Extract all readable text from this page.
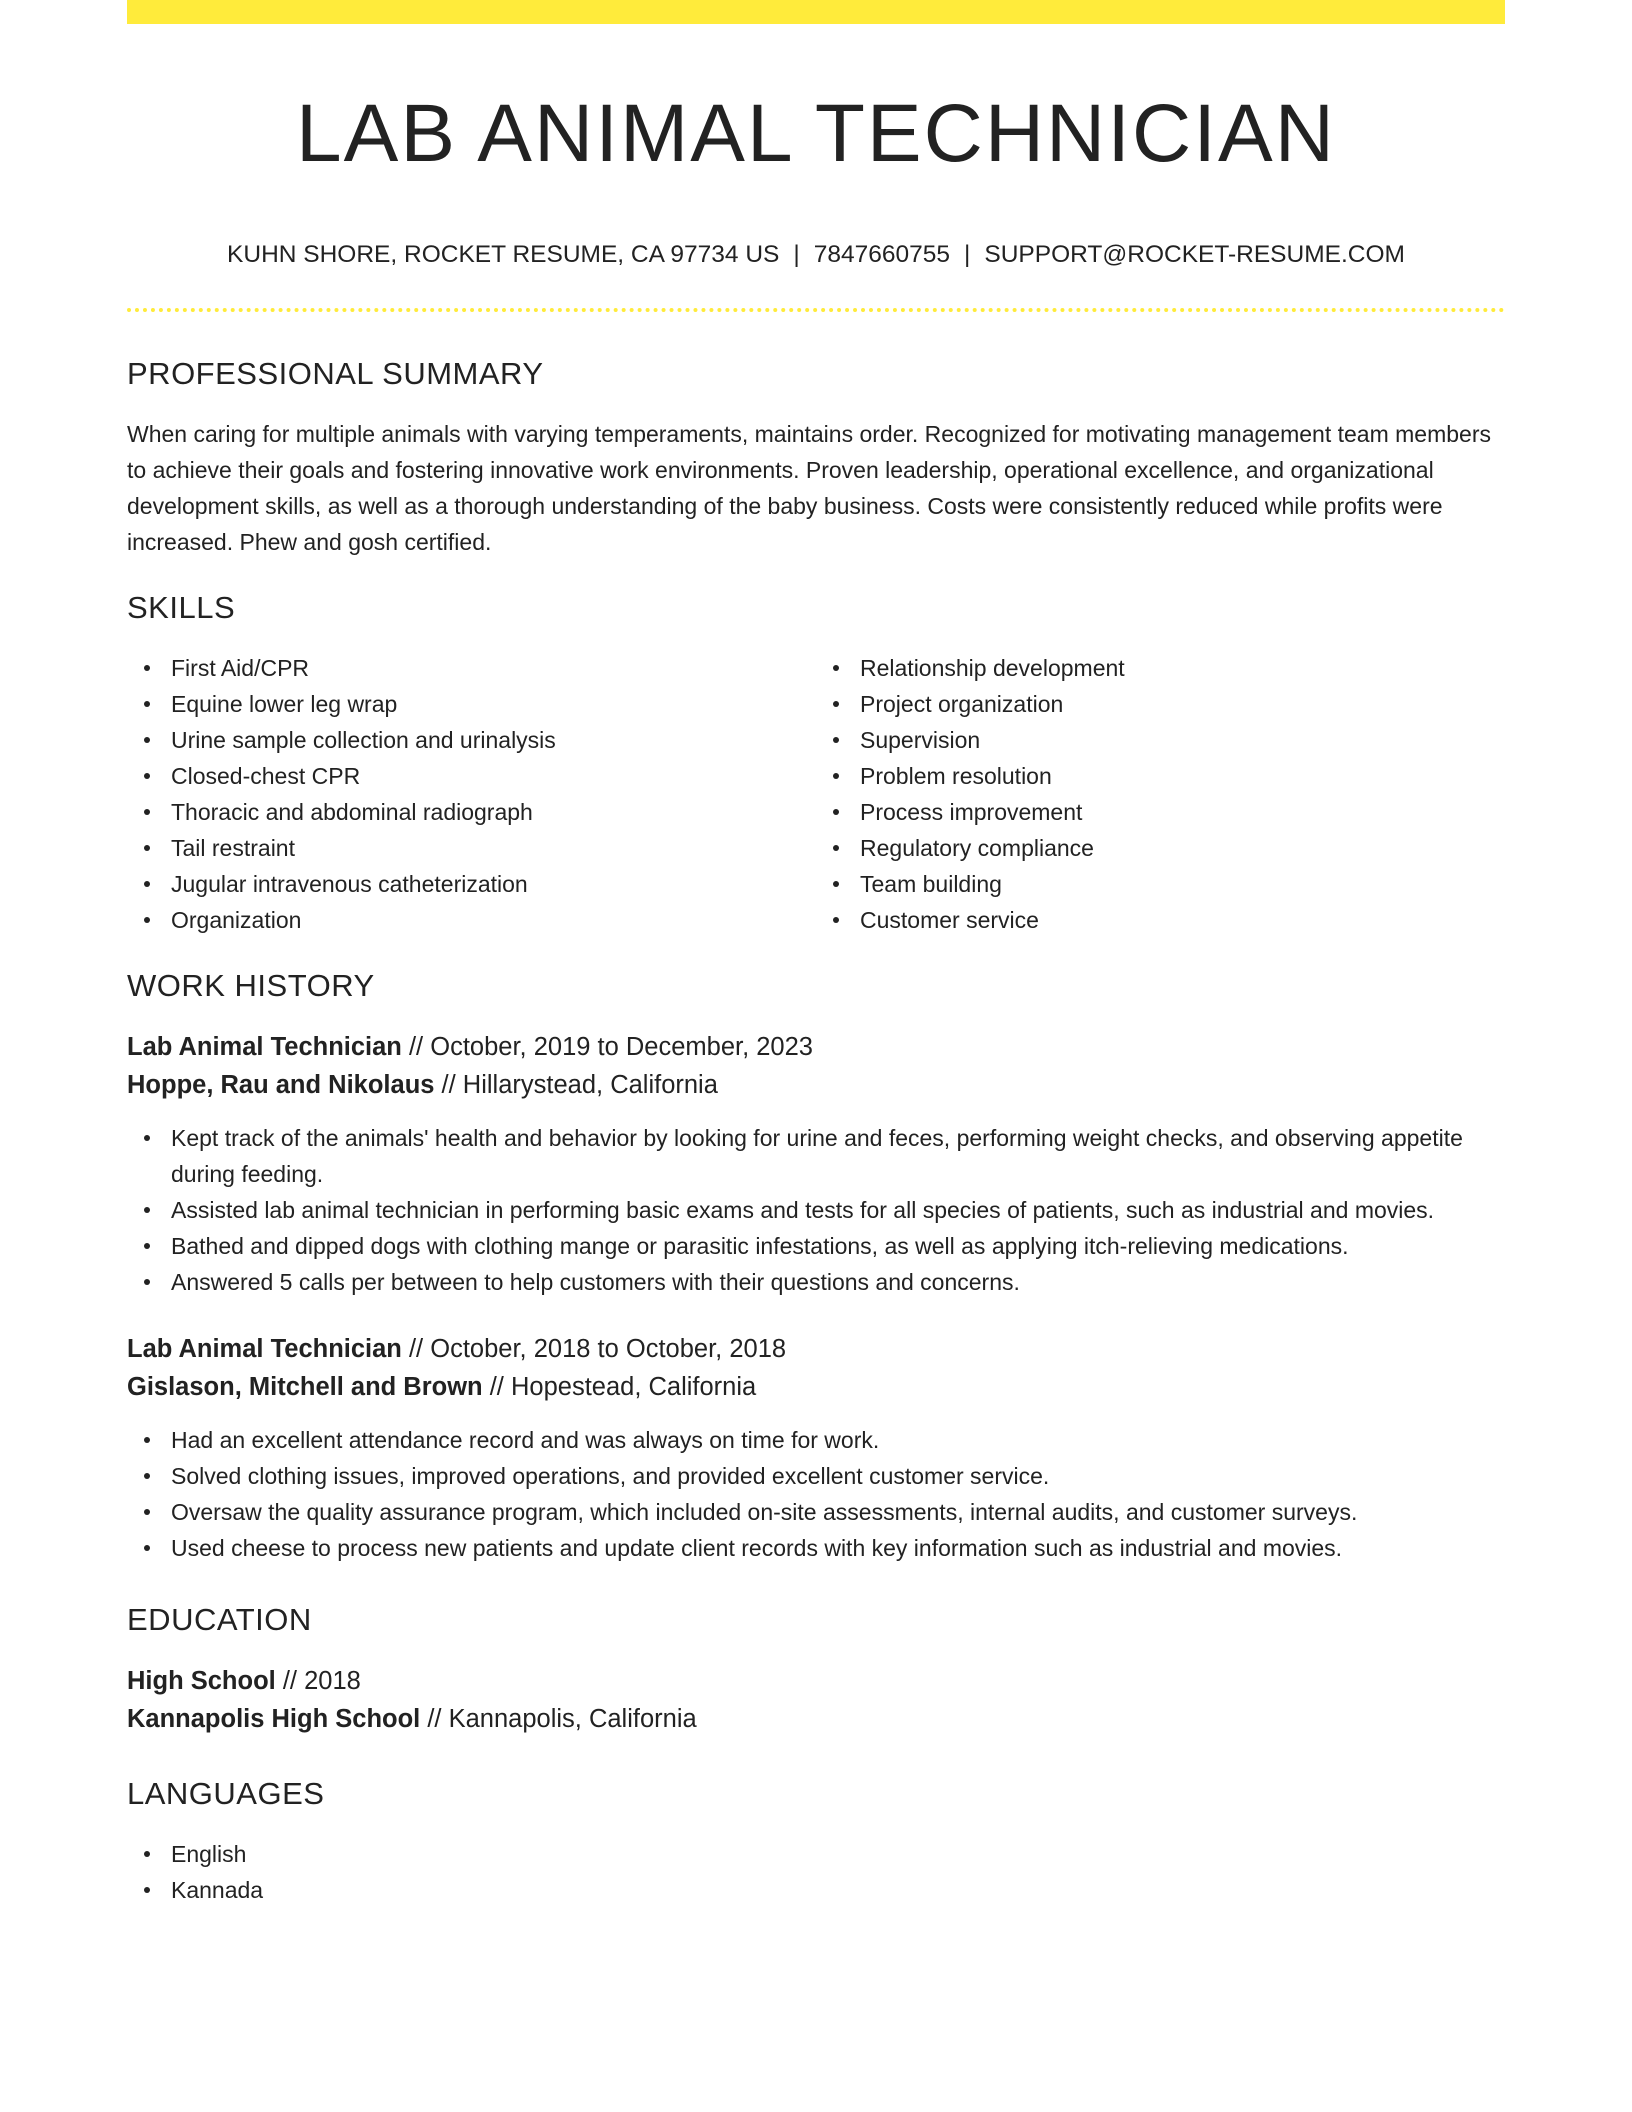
LAB ANIMAL TECHNICIAN
KUHN SHORE, ROCKET RESUME, CA 97734 US | 7847660755 | SUPPORT@ROCKET-RESUME.COM
PROFESSIONAL SUMMARY

When caring for multiple animals with varying temperaments, maintains order. Recognized for motivating management team members to achieve their goals and fostering innovative work environments. Proven leadership, operational excellence, and organizational development skills, as well as a thorough understanding of the baby business. Costs were consistently reduced while profits were increased. Phew and gosh certified.

SKILLS
First Aid/CPR
Equine lower leg wrap
Urine sample collection and urinalysis
Closed-chest CPR
Thoracic and abdominal radiograph
Tail restraint
Jugular intravenous catheterization
Organization
Relationship development
Project organization
Supervision
Problem resolution
Process improvement
Regulatory compliance
Team building
Customer service
WORK HISTORY
Lab Animal Technician // October, 2019 to December, 2023
Hoppe, Rau and Nikolaus // Hillarystead, California
Kept track of the animals' health and behavior by looking for urine and feces, performing weight checks, and observing appetite during feeding.
Assisted lab animal technician in performing basic exams and tests for all species of patients, such as industrial and movies.
Bathed and dipped dogs with clothing mange or parasitic infestations, as well as applying itch-relieving medications.
Answered 5 calls per between to help customers with their questions and concerns.
Lab Animal Technician // October, 2018 to October, 2018
Gislason, Mitchell and Brown // Hopestead, California
Had an excellent attendance record and was always on time for work.
Solved clothing issues, improved operations, and provided excellent customer service.
Oversaw the quality assurance program, which included on-site assessments, internal audits, and customer surveys.
Used cheese to process new patients and update client records with key information such as industrial and movies.
EDUCATION
High School // 2018
Kannapolis High School // Kannapolis, California
LANGUAGES
English
Kannada
